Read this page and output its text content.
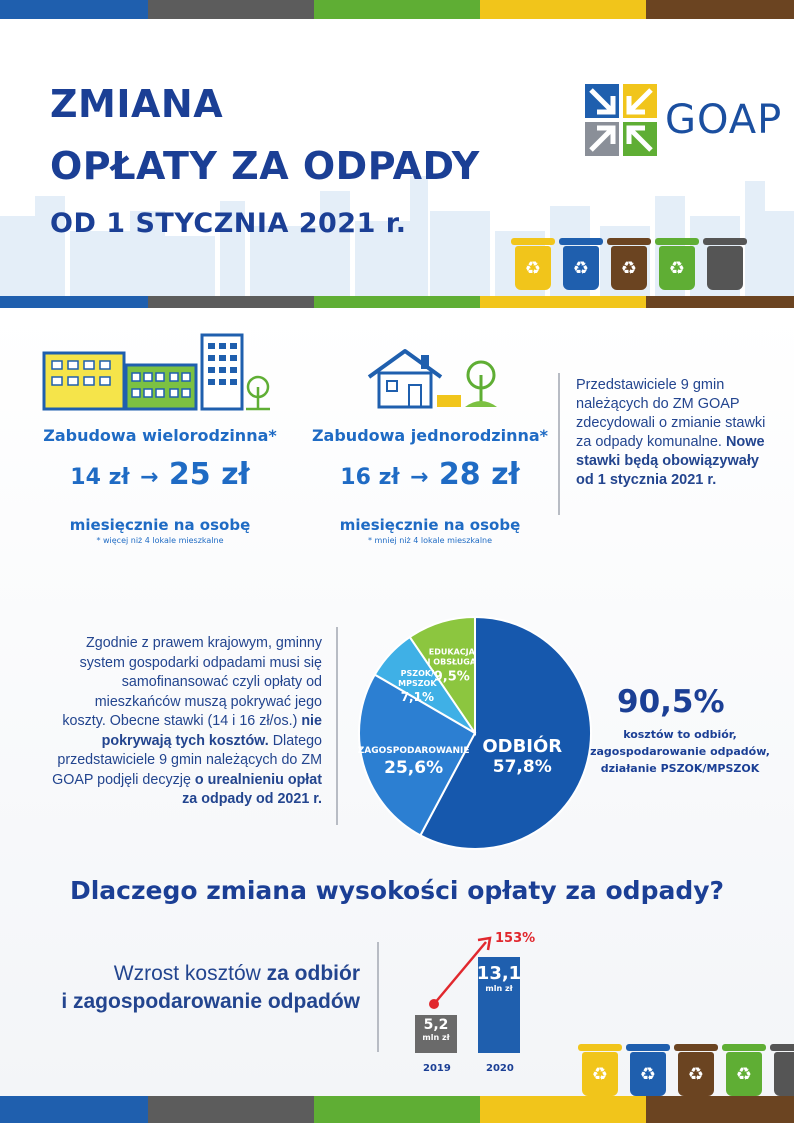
ZMIANA
OPŁATY ZA ODPADY
OD 1 STYCZNIA 2021 r.
GOAP
♻	♻	♻	♻
Zabudowa wielorodzinna*
14 zł → 25 zł
miesięcznie na osobę
* więcej niż 4 lokale mieszkalne
Zabudowa jednorodzinna*
16 zł → 28 zł
miesięcznie na osobę
* mniej niż 4 lokale mieszkalne
Przedstawiciele 9 gmin należących do ZM GOAP zdecydowali o zmianie stawki za odpady komunalne. Nowe stawki będą obowiązywały od 1 stycznia 2021 r.
Zgodnie z prawem krajowym, gminny system gospodarki odpadami musi się samofinansować czyli opłaty od mieszkańców muszą pokrywać jego koszty. Obecne stawki (14 i 16 zł/os.) nie pokrywają tych kosztów. Dlatego przedstawiciele 9 gmin należących do ZM GOAP podjęli decyzję o urealnieniu opłat za odpady od 2021 r.
ODBIÓR
57,8%
ZAGOSPODAROWANIE
25,6%
PSZOK/
MPSZOK
7,1%
EDUKACJA
I OBSŁUGA
9,5%
90,5%
kosztów to odbiór,
zagospodarowanie odpadów,
działanie PSZOK/MPSZOK
Dlaczego zmiana wysokości opłaty za odpady?
Wzrost kosztów za odbiór
i zagospodarowanie odpadów
5,2
mln zł
2019
13,1
mln zł
2020
153%
♻	♻	♻	♻
